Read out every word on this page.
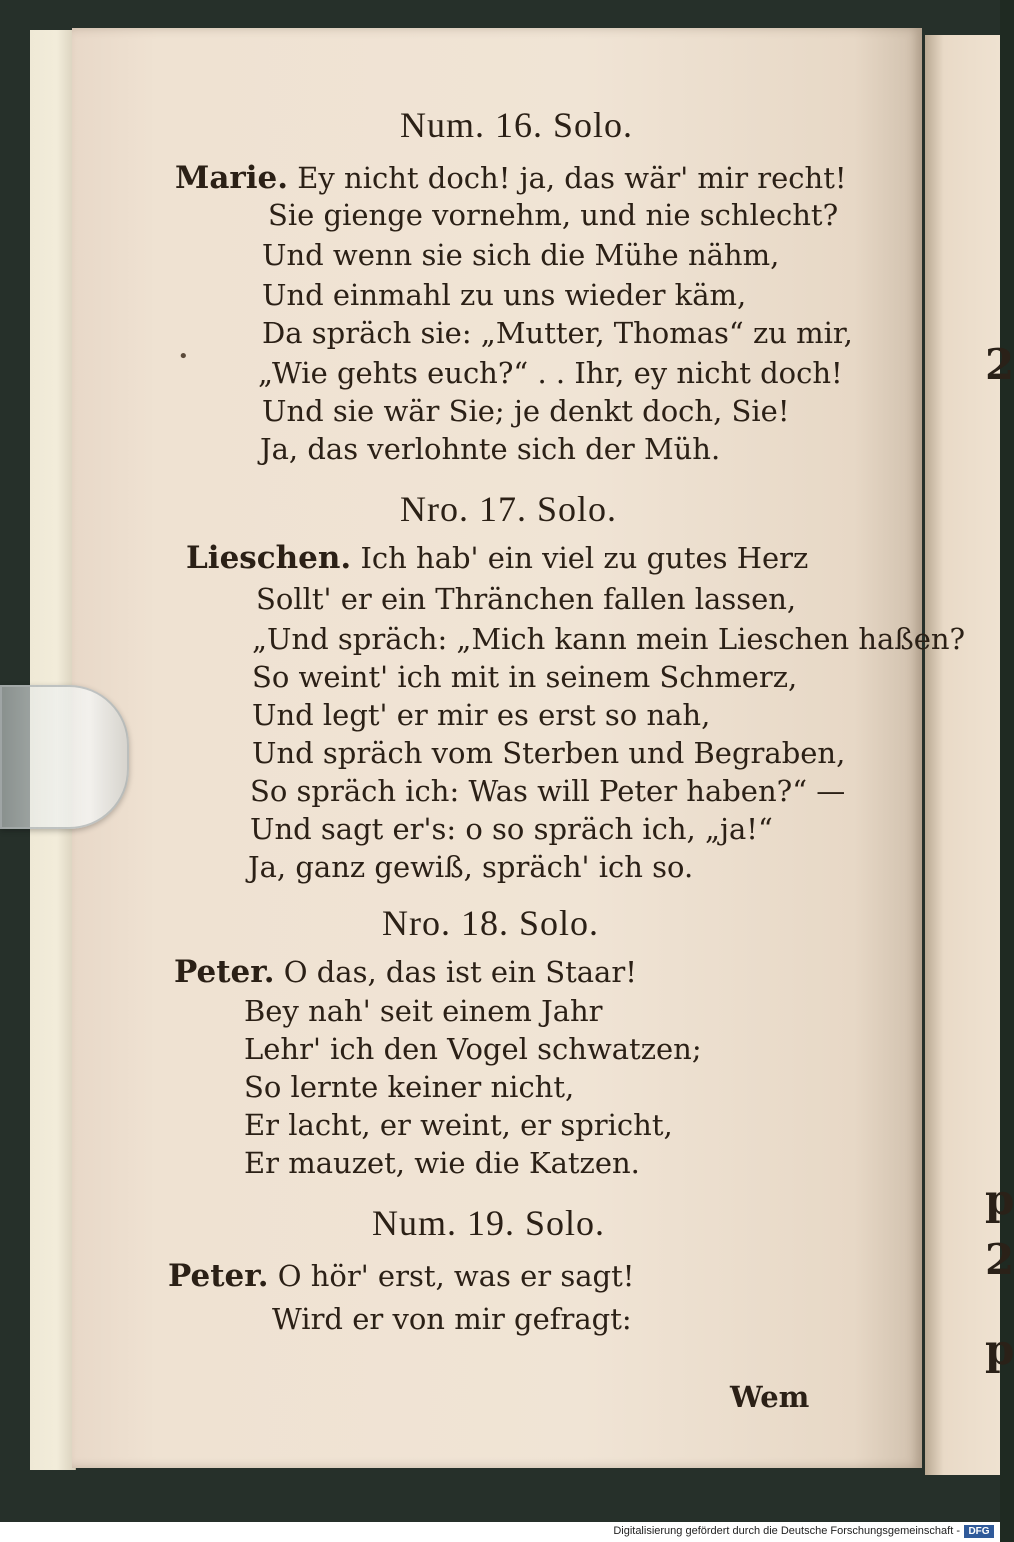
2
p
2
p
Num. 16. Solo.
Marie. Ey nicht doch! ja, das wär' mir recht!
Sie gienge vornehm, und nie schlecht?
Und wenn sie sich die Mühe nähm,
Und einmahl zu uns wieder käm,
Da spräch sie: „Mutter, Thomas“ zu mir,
„Wie gehts euch?“ . . Ihr, ey nicht doch!
Und sie wär Sie; je denkt doch, Sie!
Ja, das verlohnte sich der Müh.
•
Nro. 17. Solo.
Lieschen. Ich hab' ein viel zu gutes Herz
Sollt' er ein Thränchen fallen lassen,
„Und spräch: „Mich kann mein Lieschen haßen?
So weint' ich mit in seinem Schmerz,
Und legt' er mir es erst so nah,
Und spräch vom Sterben und Begraben,
So spräch ich: Was will Peter haben?“ —
Und sagt er's: o so spräch ich, „ja!“
Ja, ganz gewiß, spräch' ich so.
Nro. 18. Solo.
Peter. O das, das ist ein Staar!
Bey nah' seit einem Jahr
Lehr' ich den Vogel schwatzen;
So lernte keiner nicht,
Er lacht, er weint, er spricht,
Er mauzet, wie die Katzen.
Num. 19. Solo.
Peter. O hör' erst, was er sagt!
Wird er von mir gefragt:
Wem
Digitalisierung gefördert durch die Deutsche Forschungsgemeinschaft - DFG
